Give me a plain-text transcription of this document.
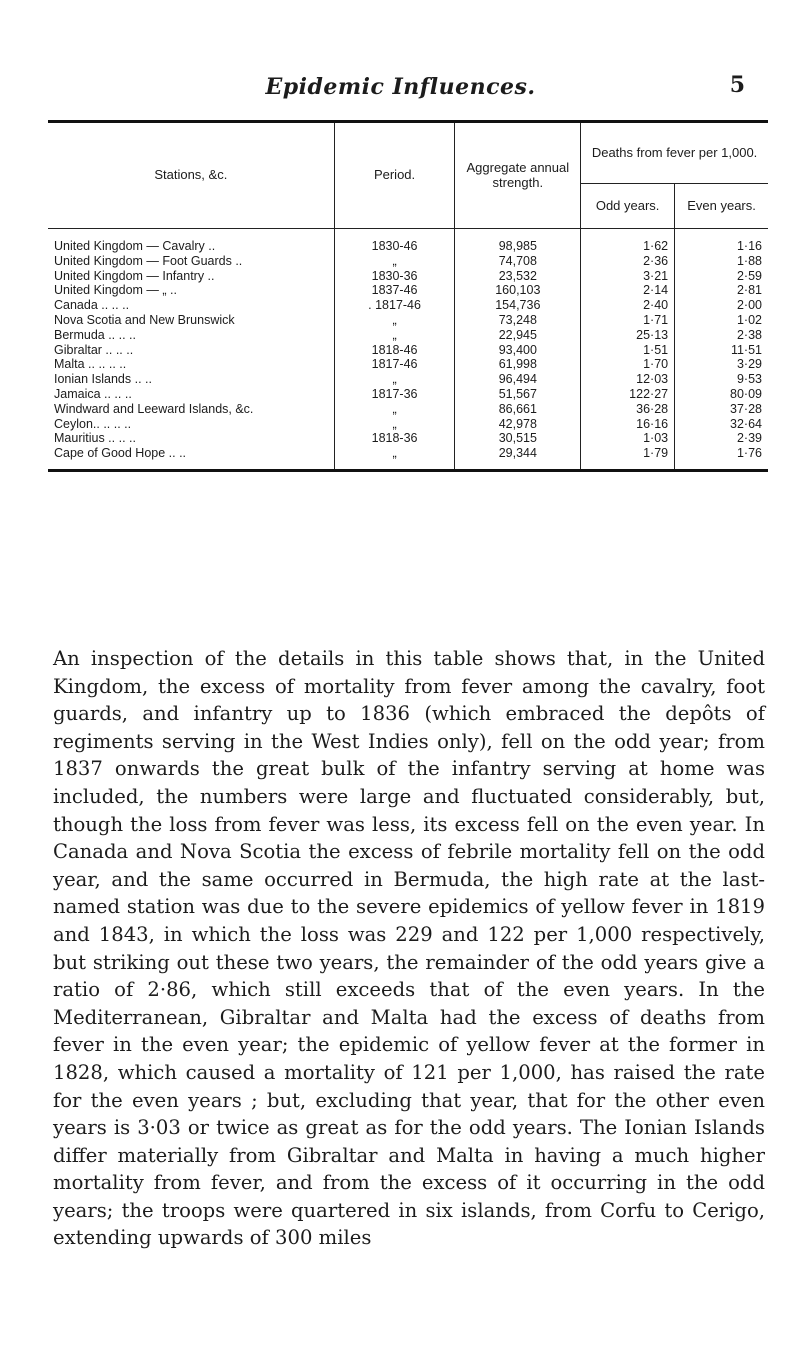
Epidemic Influences.	5
Stations, &c.	Period.	Aggregate annual strength.	Deaths from fever per 1,000.	
			Odd years.	Even years.
United Kingdom — Cavalry ..	1830-46	98,985	1·62	1·16
United Kingdom — Foot Guards ..	„	74,708	2·36	1·88
United Kingdom — Infantry ..	1830-36	23,532	3·21	2·59
United Kingdom — „ ..	1837-46	160,103	2·14	2·81
Canada .. .. ..	. 1817-46	154,736	2·40	2·00
Nova Scotia and New Brunswick	„	73,248	1·71	1·02
Bermuda .. .. ..	„	22,945	25·13	2·38
Gibraltar .. .. ..	1818-46	93,400	1·51	11·51
Malta .. .. .. ..	1817-46	61,998	1·70	3·29
Ionian Islands .. ..	„	96,494	12·03	9·53
Jamaica .. .. ..	1817-36	51,567	122·27	80·09
Windward and Leeward Islands, &c.	„	86,661	36·28	37·28
Ceylon.. .. .. ..	„	42,978	16·16	32·64
Mauritius .. .. ..	1818-36	30,515	1·03	2·39
Cape of Good Hope .. ..	„	29,344	1·79	1·76

An inspection of the details in this table shows that, in the United Kingdom, the excess of mortality from fever among the cavalry, foot guards, and infantry up to 1836 (which embraced the depôts of regiments serving in the West Indies only), fell on the odd year; from 1837 onwards the great bulk of the infantry serving at home was included, the numbers were large and fluctuated considerably, but, though the loss from fever was less, its excess fell on the even year. In Canada and Nova Scotia the excess of febrile mortality fell on the odd year, and the same occurred in Bermuda, the high rate at the last-named station was due to the severe epidemics of yellow fever in 1819 and 1843, in which the loss was 229 and 122 per 1,000 respectively, but striking out these two years, the remainder of the odd years give a ratio of 2·86, which still exceeds that of the even years. In the Mediterranean, Gibraltar and Malta had the excess of deaths from fever in the even year; the epidemic of yellow fever at the former in 1828, which caused a mortality of 121 per 1,000, has raised the rate for the even years ; but, excluding that year, that for the other even years is 3·03 or twice as great as for the odd years. The Ionian Islands differ materially from Gibraltar and Malta in having a much higher mortality from fever, and from the excess of it occurring in the odd years; the troops were quartered in six islands, from Corfu to Cerigo, extending upwards of 300 miles
